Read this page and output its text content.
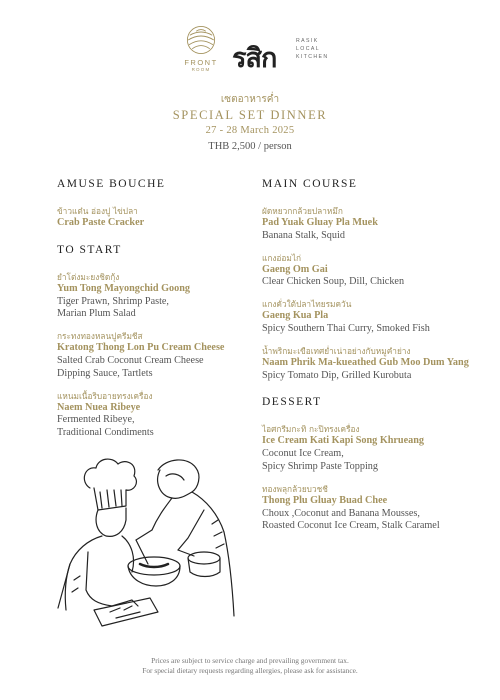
FRONT
ROOM รสิก
RASIK
LOCAL
KITCHEN
เซตอาหารค่ำ
SPECIAL SET DINNER
27 - 28 March 2025
THB 2,500 / person
AMUSE BOUCHE
ข้าวแต๋น อ่องปู ไข่ปลา
Crab Paste Cracker
TO START
ยำโต่งมะยงชิดกุ้ง
Yum Tong Mayongchid Goong
Tiger Prawn, Shrimp Paste,
Marian Plum Salad
กระทงทองหลนปูครีมชีส
Kratong Thong Lon Pu Cream Cheese
Salted Crab Coconut Cream Cheese
Dipping Sauce, Tartlets
แหนมเนื้อริบอายทรงเครื่อง
Naem Nuea Ribeye
Fermented Ribeye,
Traditional Condiments
MAIN COURSE
ผัดหยวกกล้วยปลาหมึก
Pad Yuak Gluay Pla Muek
Banana Stalk, Squid
แกงอ่อมไก่
Gaeng Om Gai
Clear Chicken Soup, Dill, Chicken
แกงคั่วใต้ปลาไทยรมควัน
Gaeng Kua Pla
Spicy Southern Thai Curry, Smoked Fish
น้ำพริกมะเขือเทศย่ำเน่าอย่างกับหมูคำย่าง
Naam Phrik Ma-kueathed Gub Moo Dum Yang
Spicy Tomato Dip, Grilled Kurobuta
DESSERT
ไอศกรีมกะทิ กะปิทรงเครื่อง
Ice Cream Kati Kapi Song Khrueang
Coconut Ice Cream,
Spicy Shrimp Paste Topping
ทองพลุกล้วยบวชชี
Thong Plu Gluay Buad Chee
Choux ,Coconut and Banana Mousses,
Roasted Coconut Ice Cream, Stalk Caramel
Prices are subject to service charge and prevailing government tax.
For special dietary requests regarding allergies, please ask for assistance.
